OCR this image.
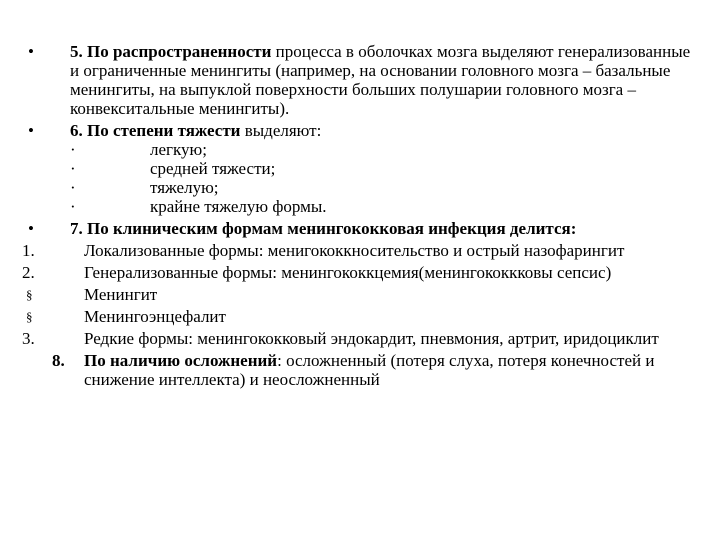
•	5. По распространенности процесса в оболочках мозга выделяют генерализованные и ограниченные менингиты (например, на основании головного мозга – базальные менингиты, на выпуклой поверхности больших полушарии головного мозга – конвекситальные менингиты).
•	6. По степени тяжести выделяют:
·	легкую;
·	средней тяжести;
·	тяжелую;
·	крайне тяжелую формы.
•	7. По клиническим формам менингококковая инфекция делится:
1.	Локализованные формы: менигококкносительство и острый назофарингит
2.	Генерализованные формы: менингококкцемия(менингококкковы сепсис)
§	Менингит
§	Менингоэнцефалит
3.	Редкие формы: менингококковый эндокардит, пневмония, артрит, иридоциклит
8.	По наличию осложнений: осложненный (потеря слуха, потеря конечностей и снижение интеллекта) и неосложненный
